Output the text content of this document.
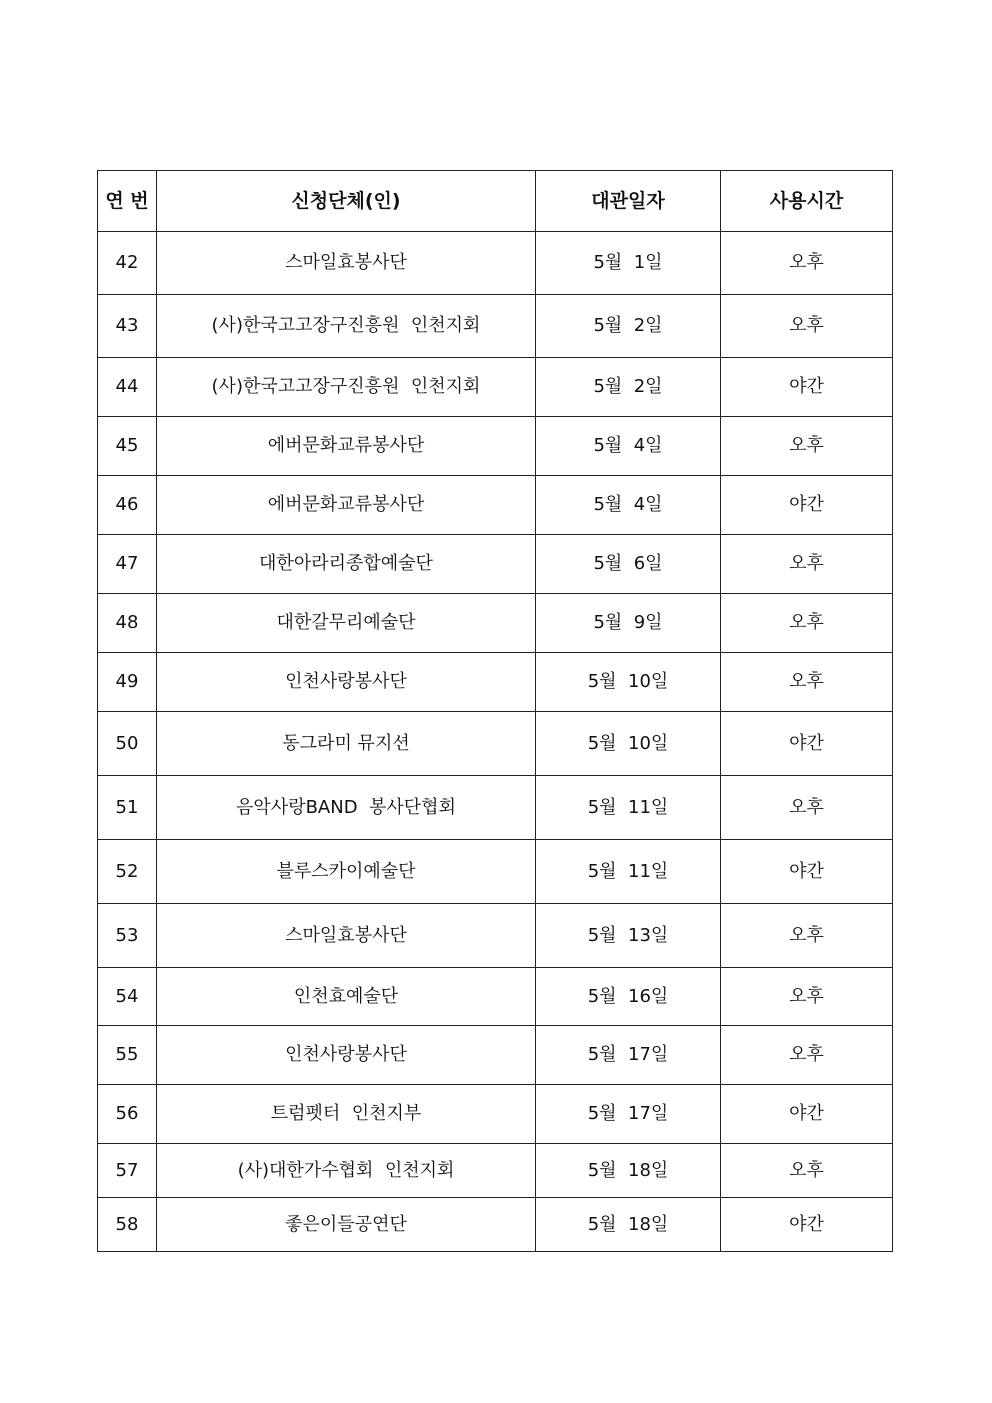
연 번	신청단체(인)	대관일자	사용시간
42	스마일효봉사단	5월  1일	오후
43	(사)한국고고장구진흥원  인천지회	5월  2일	오후
44	(사)한국고고장구진흥원  인천지회	5월  2일	야간
45	에버문화교류봉사단	5월  4일	오후
46	에버문화교류봉사단	5월  4일	야간
47	대한아라리종합예술단	5월  6일	오후
48	대한갈무리예술단	5월  9일	오후
49	인천사랑봉사단	5월  10일	오후
50	동그라미 뮤지션	5월  10일	야간
51	음악사랑BAND  봉사단협회	5월  11일	오후
52	블루스카이예술단	5월  11일	야간
53	스마일효봉사단	5월  13일	오후
54	인천효예술단	5월  16일	오후
55	인천사랑봉사단	5월  17일	오후
56	트럼펫터  인천지부	5월  17일	야간
57	(사)대한가수협회  인천지회	5월  18일	오후
58	좋은이들공연단	5월  18일	야간
